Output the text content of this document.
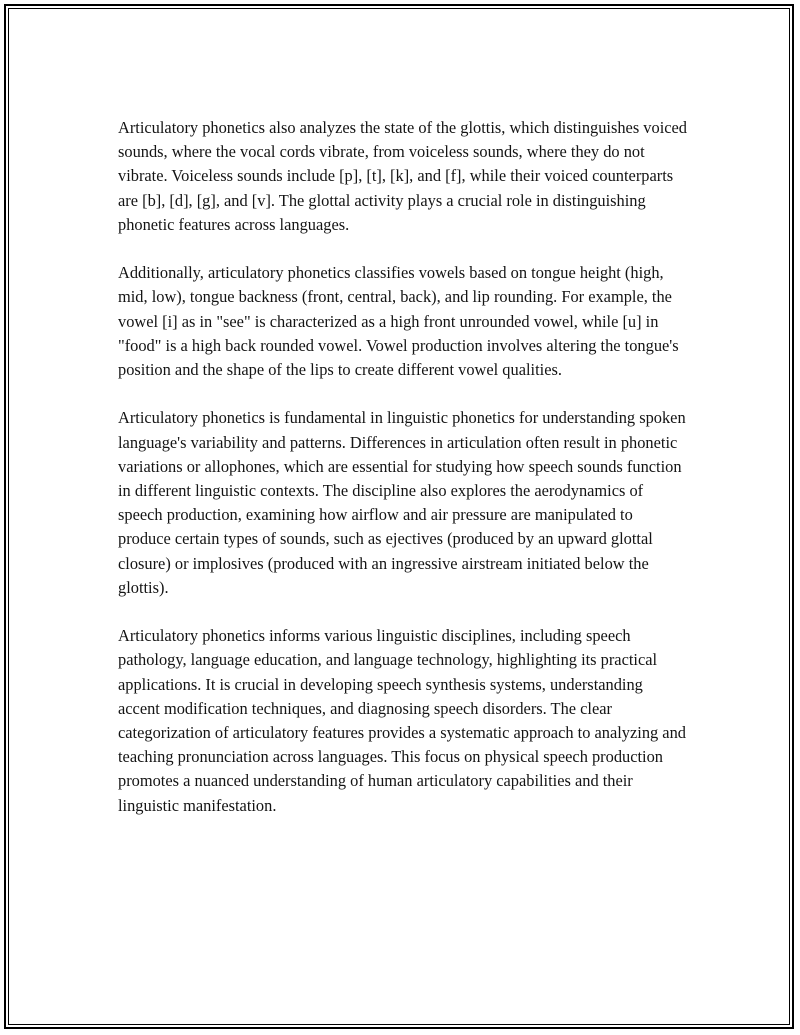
Articulatory phonetics also analyzes the state of the glottis, which distinguishes voiced sounds, where the vocal cords vibrate, from voiceless sounds, where they do not vibrate. Voiceless sounds include [p], [t], [k], and [f], while their voiced counterparts are [b], [d], [g], and [v]. The glottal activity plays a crucial role in distinguishing phonetic features across languages.

Additionally, articulatory phonetics classifies vowels based on tongue height (high, mid, low), tongue backness (front, central, back), and lip rounding. For example, the vowel [i] as in "see" is characterized as a high front unrounded vowel, while [u] in "food" is a high back rounded vowel. Vowel production involves altering the tongue's position and the shape of the lips to create different vowel qualities.

Articulatory phonetics is fundamental in linguistic phonetics for understanding spoken language's variability and patterns. Differences in articulation often result in phonetic variations or allophones, which are essential for studying how speech sounds function in different linguistic contexts. The discipline also explores the aerodynamics of speech production, examining how airflow and air pressure are manipulated to produce certain types of sounds, such as ejectives (produced by an upward glottal closure) or implosives (produced with an ingressive airstream initiated below the glottis).

Articulatory phonetics informs various linguistic disciplines, including speech pathology, language education, and language technology, highlighting its practical applications. It is crucial in developing speech synthesis systems, understanding accent modification techniques, and diagnosing speech disorders. The clear categorization of articulatory features provides a systematic approach to analyzing and teaching pronunciation across languages. This focus on physical speech production promotes a nuanced understanding of human articulatory capabilities and their linguistic manifestation.
